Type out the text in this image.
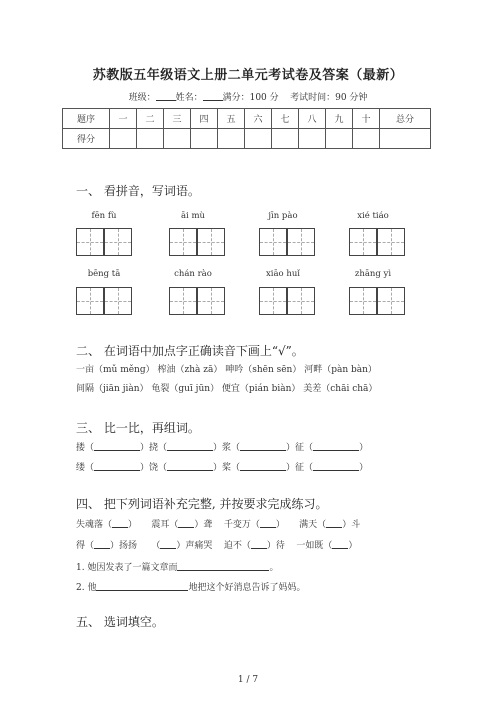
苏教版五年级语文上册二单元考试卷及答案（最新）
班级： 姓名： 满分：100 分 考试时间：90 分钟
题序	一	二	三	四	五	六	七	八	九	十	总分
得分											
一、 看拼音，写词语。
fēn fù	āi mù	jīn pào	xié tiáo
bēng tā	chán rào	xiāo huǐ	zhāng yì
二、 在词语中加点字正确读音下画上“√”。
一亩（mǔ měng） 榨油（zhà zā） 呻吟（shēn sēn） 河畔（pàn bàn）
间隔（jiān jiàn） 龟裂（guī jūn） 便宜（pián biàn） 美差（chāi chā）
三、 比一比，再组词。
搂（	）挠（	）浆（	）征（	）
缕（	）饶（	）桨（	）征（	）
四、 把下列词语补充完整, 并按要求完成练习。
失魂落（ ） 震耳（ ）聋 千变万（ ） 满天（ ）斗
得（ ）扬扬 （ ）声痛哭 迫不（ ）待 一如既（ ）
1. 她因发表了一篇文章而	。
2. 他	地把这个好消息告诉了妈妈。
五、 选词填空。
1 / 7
